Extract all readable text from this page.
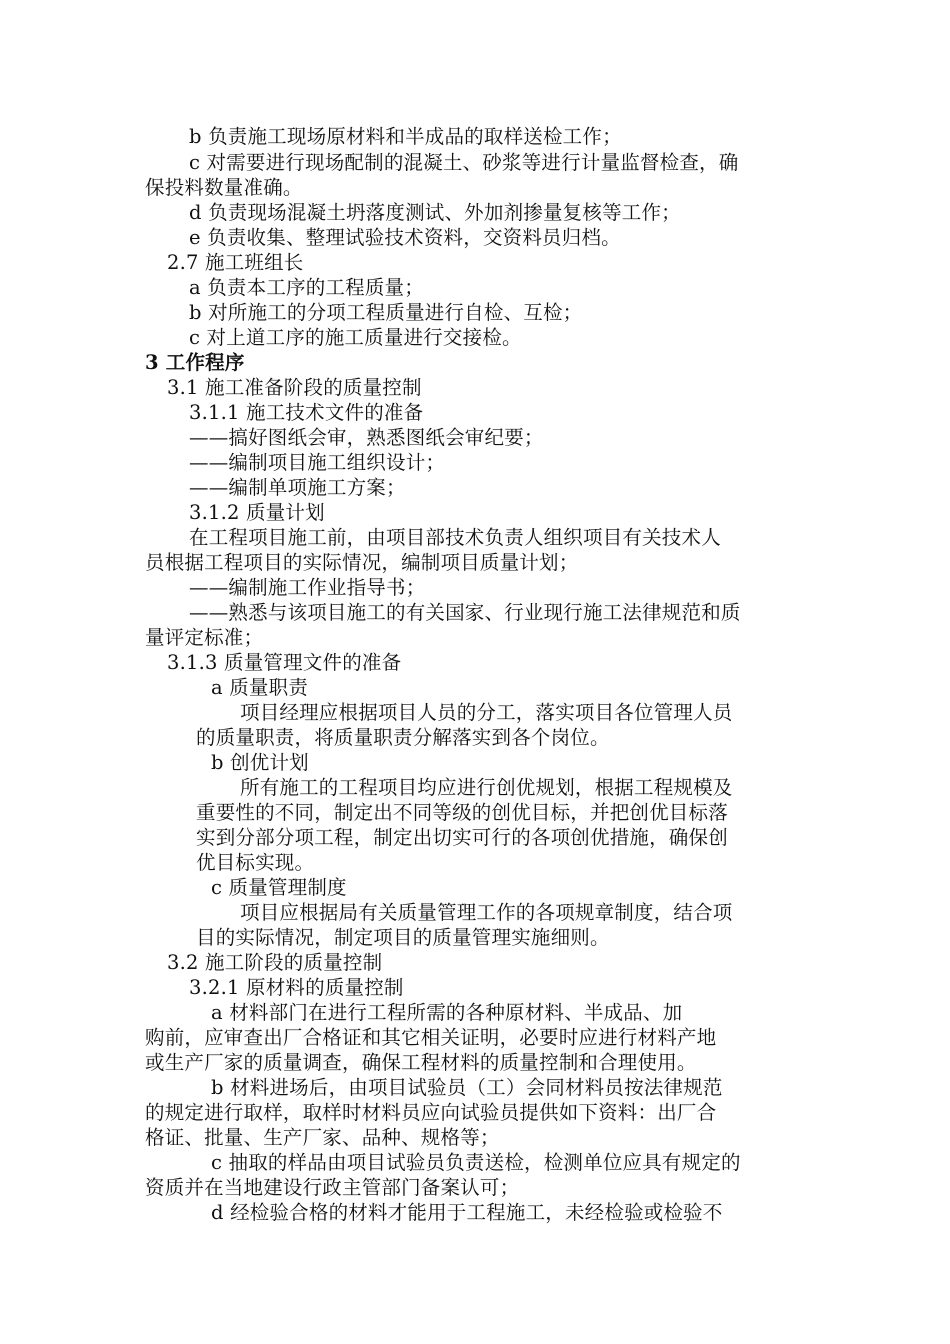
b 负责施工现场原材料和半成品的取样送检工作；
c 对需要进行现场配制的混凝土、砂浆等进行计量监督检查，确
保投料数量准确。
d 负责现场混凝土坍落度测试、外加剂掺量复核等工作；
e 负责收集、整理试验技术资料，交资料员归档。
2.7 施工班组长
a 负责本工序的工程质量；
b 对所施工的分项工程质量进行自检、互检；
c 对上道工序的施工质量进行交接检。
3 工作程序
3.1 施工准备阶段的质量控制
3.1.1 施工技术文件的准备
——搞好图纸会审，熟悉图纸会审纪要；
——编制项目施工组织设计；
——编制单项施工方案；
3.1.2 质量计划
在工程项目施工前，由项目部技术负责人组织项目有关技术人
员根据工程项目的实际情况，编制项目质量计划；
——编制施工作业指导书；
——熟悉与该项目施工的有关国家、行业现行施工法律规范和质
量评定标准；
3.1.3 质量管理文件的准备
a 质量职责
项目经理应根据项目人员的分工，落实项目各位管理人员
的质量职责，将质量职责分解落实到各个岗位。
b 创优计划
所有施工的工程项目均应进行创优规划，根据工程规模及
重要性的不同，制定出不同等级的创优目标，并把创优目标落
实到分部分项工程，制定出切实可行的各项创优措施，确保创
优目标实现。
c 质量管理制度
项目应根据局有关质量管理工作的各项规章制度，结合项
目的实际情况，制定项目的质量管理实施细则。
3.2 施工阶段的质量控制
3.2.1 原材料的质量控制
a 材料部门在进行工程所需的各种原材料、半成品、加
购前，应审查出厂合格证和其它相关证明，必要时应进行材料产地
或生产厂家的质量调查，确保工程材料的质量控制和合理使用。
b 材料进场后，由项目试验员（工）会同材料员按法律规范
的规定进行取样，取样时材料员应向试验员提供如下资料：出厂合
格证、批量、生产厂家、品种、规格等；
c 抽取的样品由项目试验员负责送检，检测单位应具有规定的
资质并在当地建设行政主管部门备案认可；
d 经检验合格的材料才能用于工程施工，未经检验或检验不
